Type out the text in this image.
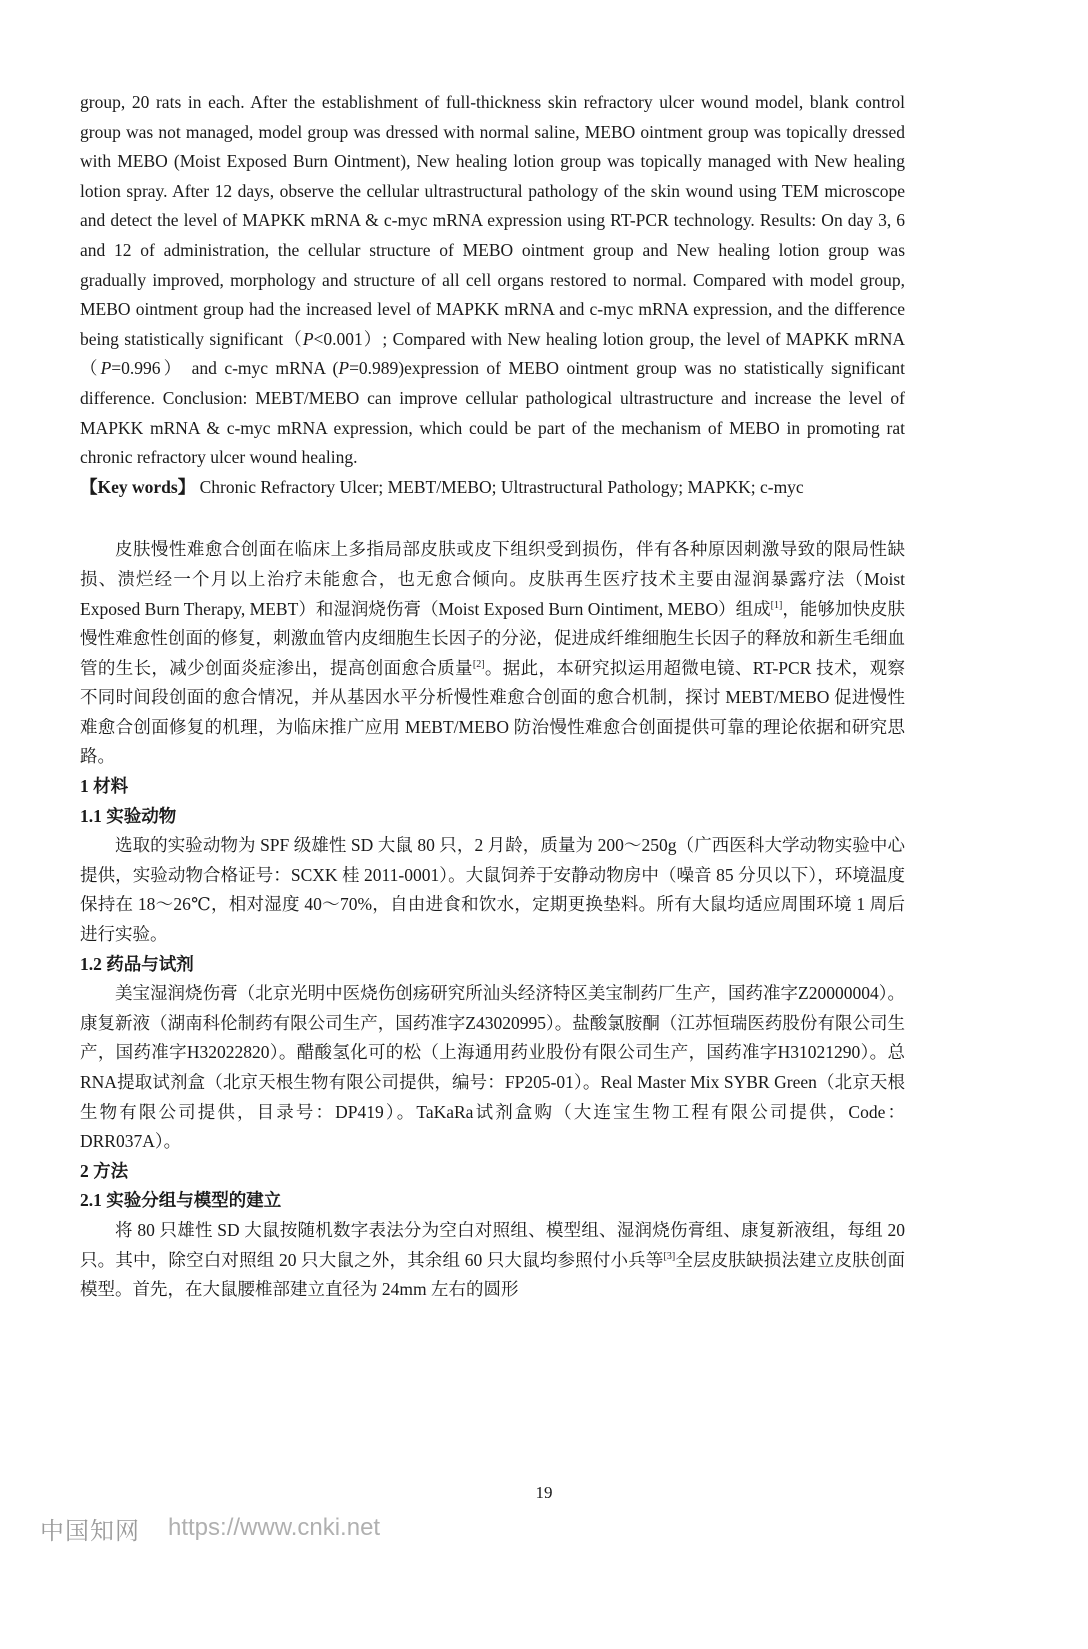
group, 20 rats in each. After the establishment of full-thickness skin refractory ulcer wound model, blank control group was not managed, model group was dressed with normal saline, MEBO ointment group was topically dressed with MEBO (Moist Exposed Burn Ointment), New healing lotion group was topically managed with New healing lotion spray. After 12 days, observe the cellular ultrastructural pathology of the skin wound using TEM microscope and detect the level of MAPKK mRNA & c-myc mRNA expression using RT-PCR technology. Results: On day 3, 6 and 12 of administration, the cellular structure of MEBO ointment group and New healing lotion group was gradually improved, morphology and structure of all cell organs restored to normal. Compared with model group, MEBO ointment group had the increased level of MAPKK mRNA and c-myc mRNA expression, and the difference being statistically significant（P<0.001）; Compared with New healing lotion group, the level of MAPKK mRNA（P=0.996） and c-myc mRNA (P=0.989)expression of MEBO ointment group was no statistically significant difference. Conclusion: MEBT/MEBO can improve cellular pathological ultrastructure and increase the level of MAPKK mRNA & c-myc mRNA expression, which could be part of the mechanism of MEBO in promoting rat chronic refractory ulcer wound healing.

【Key words】 Chronic Refractory Ulcer; MEBT/MEBO; Ultrastructural Pathology; MAPKK; c-myc

皮肤慢性难愈合创面在临床上多指局部皮肤或皮下组织受到损伤，伴有各种原因刺激导致的限局性缺损、溃烂经一个月以上治疗未能愈合，也无愈合倾向。皮肤再生医疗技术主要由湿润暴露疗法（Moist Exposed Burn Therapy, MEBT）和湿润烧伤膏（Moist Exposed Burn Ointiment, MEBO）组成[1]，能够加快皮肤慢性难愈性创面的修复，刺激血管内皮细胞生长因子的分泌，促进成纤维细胞生长因子的释放和新生毛细血管的生长，减少创面炎症渗出，提高创面愈合质量[2]。据此，本研究拟运用超微电镜、RT-PCR 技术，观察不同时间段创面的愈合情况，并从基因水平分析慢性难愈合创面的愈合机制，探讨 MEBT/MEBO 促进慢性难愈合创面修复的机理，为临床推广应用 MEBT/MEBO 防治慢性难愈合创面提供可靠的理论依据和研究思路。

1 材料
1.1 实验动物

选取的实验动物为 SPF 级雄性 SD 大鼠 80 只，2 月龄，质量为 200～250g（广西医科大学动物实验中心提供，实验动物合格证号：SCXK 桂 2011-0001）。大鼠饲养于安静动物房中（噪音 85 分贝以下），环境温度保持在 18～26℃，相对湿度 40～70%，自由进食和饮水，定期更换垫料。所有大鼠均适应周围环境 1 周后进行实验。

1.2 药品与试剂

美宝湿润烧伤膏（北京光明中医烧伤创疡研究所汕头经济特区美宝制药厂生产，国药准字Z20000004）。康复新液（湖南科伦制药有限公司生产，国药准字Z43020995）。盐酸氯胺酮（江苏恒瑞医药股份有限公司生产，国药准字H32022820）。醋酸氢化可的松（上海通用药业股份有限公司生产，国药准字H31021290）。总RNA提取试剂盒（北京天根生物有限公司提供，编号：FP205-01）。Real Master Mix SYBR Green（北京天根生物有限公司提供，目录号：DP419）。TaKaRa试剂盒购（大连宝生物工程有限公司提供，Code：DRR037A）。

2 方法
2.1 实验分组与模型的建立

将 80 只雄性 SD 大鼠按随机数字表法分为空白对照组、模型组、湿润烧伤膏组、康复新液组，每组 20 只。其中，除空白对照组 20 只大鼠之外，其余组 60 只大鼠均参照付小兵等[3]全层皮肤缺损法建立皮肤创面模型。首先，在大鼠腰椎部建立直径为 24mm 左右的圆形

19
中国知网 https://www.cnki.net
